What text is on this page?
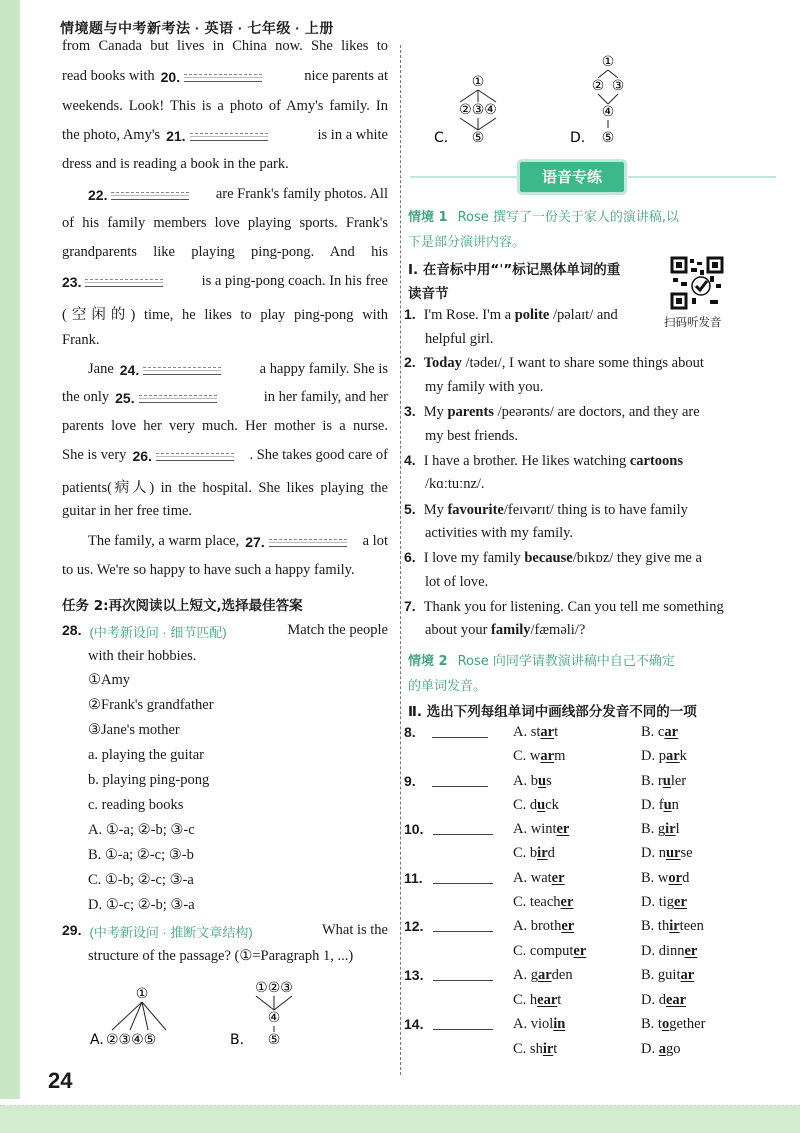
情境题与中考新考法 · 英语 · 七年级 · 上册
from Canada but lives in China now. She likes to
read books with 20.	nice parents at
weekends. Look! This is a photo of Amy's family. In
the photo, Amy's 21.	is in a white
dress and is reading a book in the park.
22.	are Frank's family photos. All
of his family members love playing sports. Frank's
grandparents like playing ping-pong. And his
23.	is a ping-pong coach. In his free
(空闲的) time, he likes to play ping-pong with
Frank.
Jane 24.	a happy family. She is
the only 25.	in her family, and her
parents love her very much. Her mother is a nurse.
She is very 26.	. She takes good care of
patients(病人) in the hospital. She likes playing the
guitar in her free time.
The family, a warm place, 27.	a lot
to us. We're so happy to have such a happy family.
任务 2:再次阅读以上短文,选择最佳答案
28. (中考新设问 · 细节匹配)	Match the people
with their hobbies.
①Amy
②Frank's grandfather
③Jane's mother
a. playing the guitar
b. playing ping-pong
c. reading books
A. ①-a; ②-b; ③-c
B. ①-a; ②-c; ③-b
C. ①-b; ②-c; ③-a
D. ①-c; ②-b; ③-a
29. (中考新设问 · 推断文章结构)	What is the
structure of the passage? (①=Paragraph 1, ...)
①
A. ②③④⑤
①②③
④
B. ⑤
①
②③④
C. ⑤
①
② ③
④
D. ⑤
语音专练
扫码听发音
情境 1 Rose 撰写了一份关于家人的演讲稿,以
下是部分演讲内容。
Ⅰ. 在音标中用“ˈ”标记黑体单词的重
读音节
1. I'm Rose. I'm a polite /pəlaɪt/ and
helpful girl.
2. Today /tədeɪ/, I want to share some things about
my family with you.
3. My parents /peərənts/ are doctors, and they are
my best friends.
4. I have a brother. He likes watching cartoons
/kɑːtuːnz/.
5. My favourite/feɪvərɪt/ thing is to have family
activities with my family.
6. I love my family because/bɪkɒz/ they give me a
lot of love.
7. Thank you for listening. Can you tell me something
about your family/fæməli/?
情境 2 Rose 向同学请教演讲稿中自己不确定
的单词发音。
Ⅱ. 选出下列每组单词中画线部分发音不同的一项
8.	A. start	B. car
C. warm	D. park
9.	A. bus	B. ruler
C. duck	D. fun
10.	A. winter	B. girl
C. bird	D. nurse
11.	A. water	B. word
C. teacher	D. tiger
12.	A. brother	B. thirteen
C. computer	D. dinner
13.	A. garden	B. guitar
C. heart	D. dear
14.	A. violin	B. together
C. shirt	D. ago
24
